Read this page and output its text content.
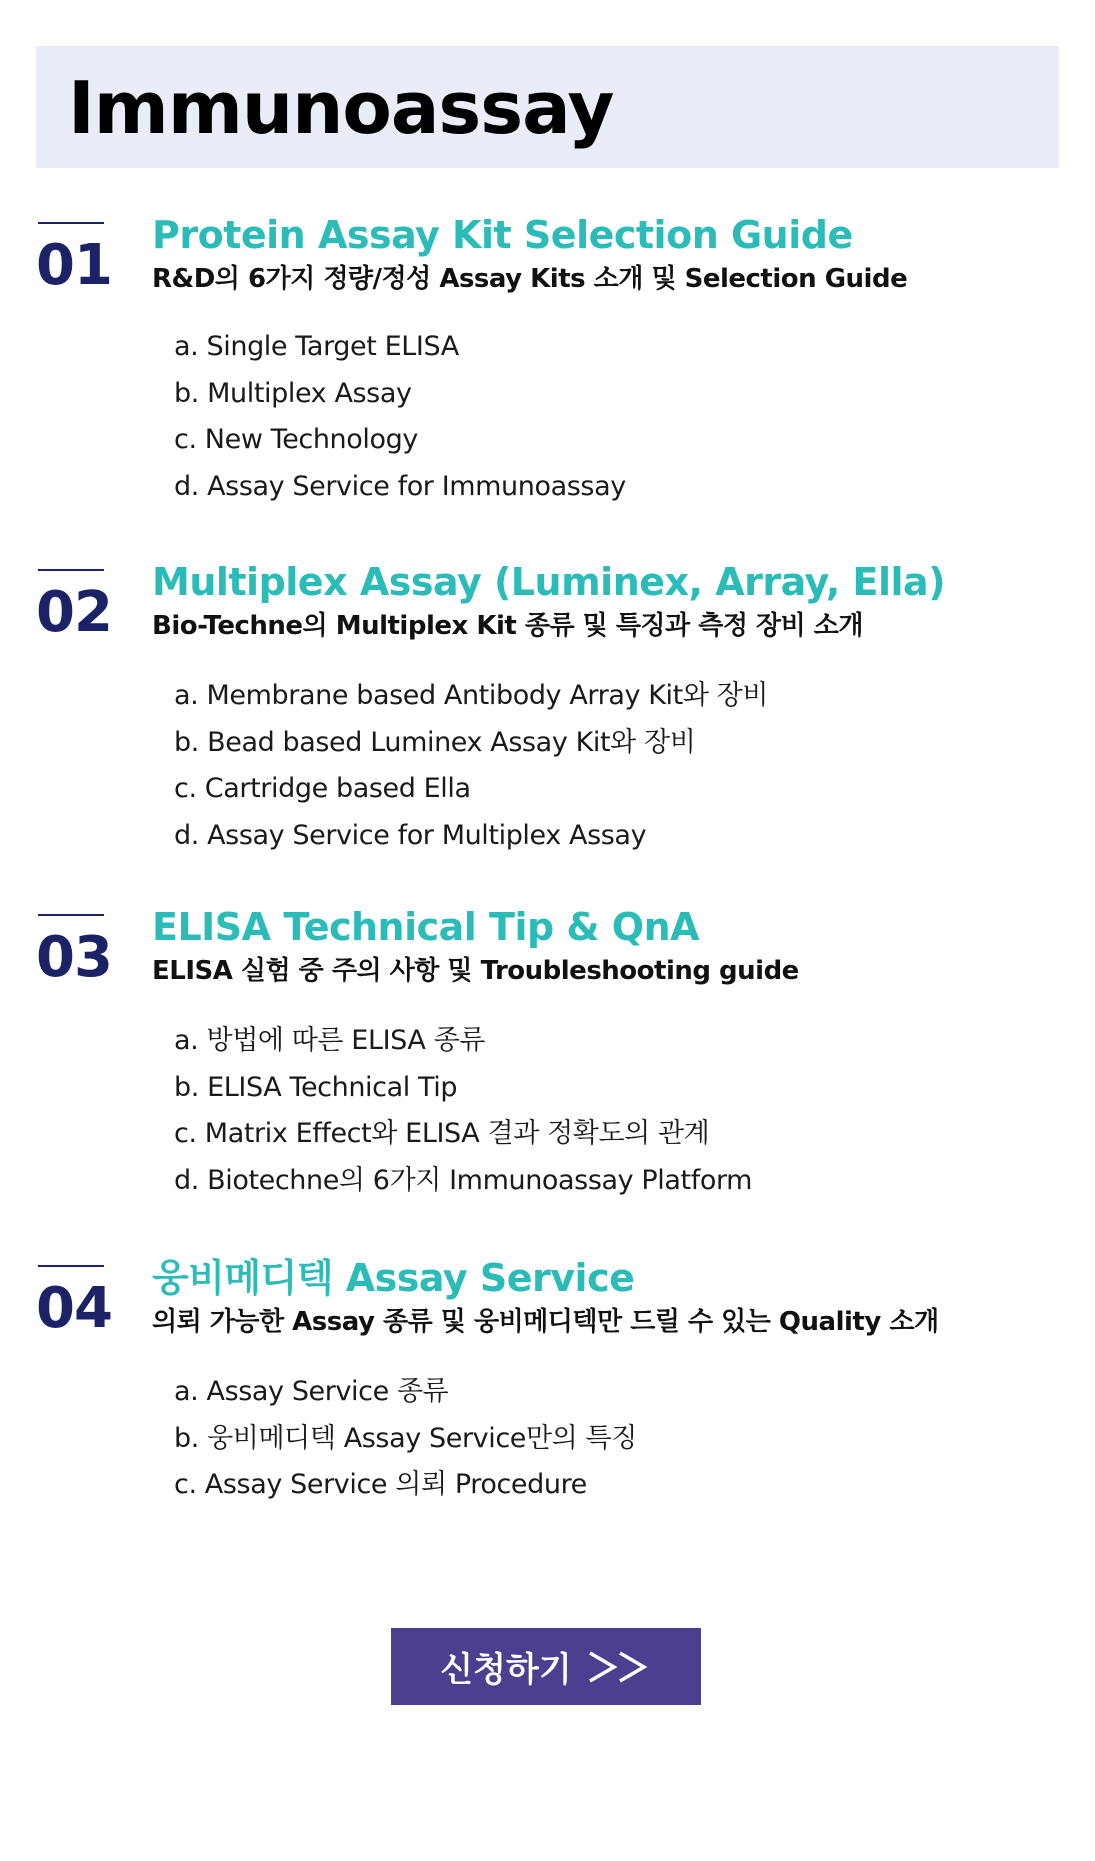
Immunoassay
01 Protein Assay Kit Selection Guide

R&D의 6가지 정량/정성 Assay Kits 소개 및 Selection Guide

a. Single Target ELISA
b. Multiplex Assay
c. New Technology
d. Assay Service for Immunoassay
02 Multiplex Assay (Luminex, Array, Ella)

Bio-Techne의 Multiplex Kit 종류 및 특징과 측정 장비 소개

a. Membrane based Antibody Array Kit와 장비
b. Bead based Luminex Assay Kit와 장비
c. Cartridge based Ella
d. Assay Service for Multiplex Assay
03 ELISA Technical Tip & QnA

ELISA 실험 중 주의 사항 및 Troubleshooting guide

a. 방법에 따른 ELISA 종류
b. ELISA Technical Tip
c. Matrix Effect와 ELISA 결과 정확도의 관계
d. Biotechne의 6가지 Immunoassay Platform
04 웅비메디텍 Assay Service

의뢰 가능한 Assay 종류 및 웅비메디텍만 드릴 수 있는 Quality 소개

a. Assay Service 종류
b. 웅비메디텍 Assay Service만의 특징
c. Assay Service 의뢰 Procedure
신청하기
